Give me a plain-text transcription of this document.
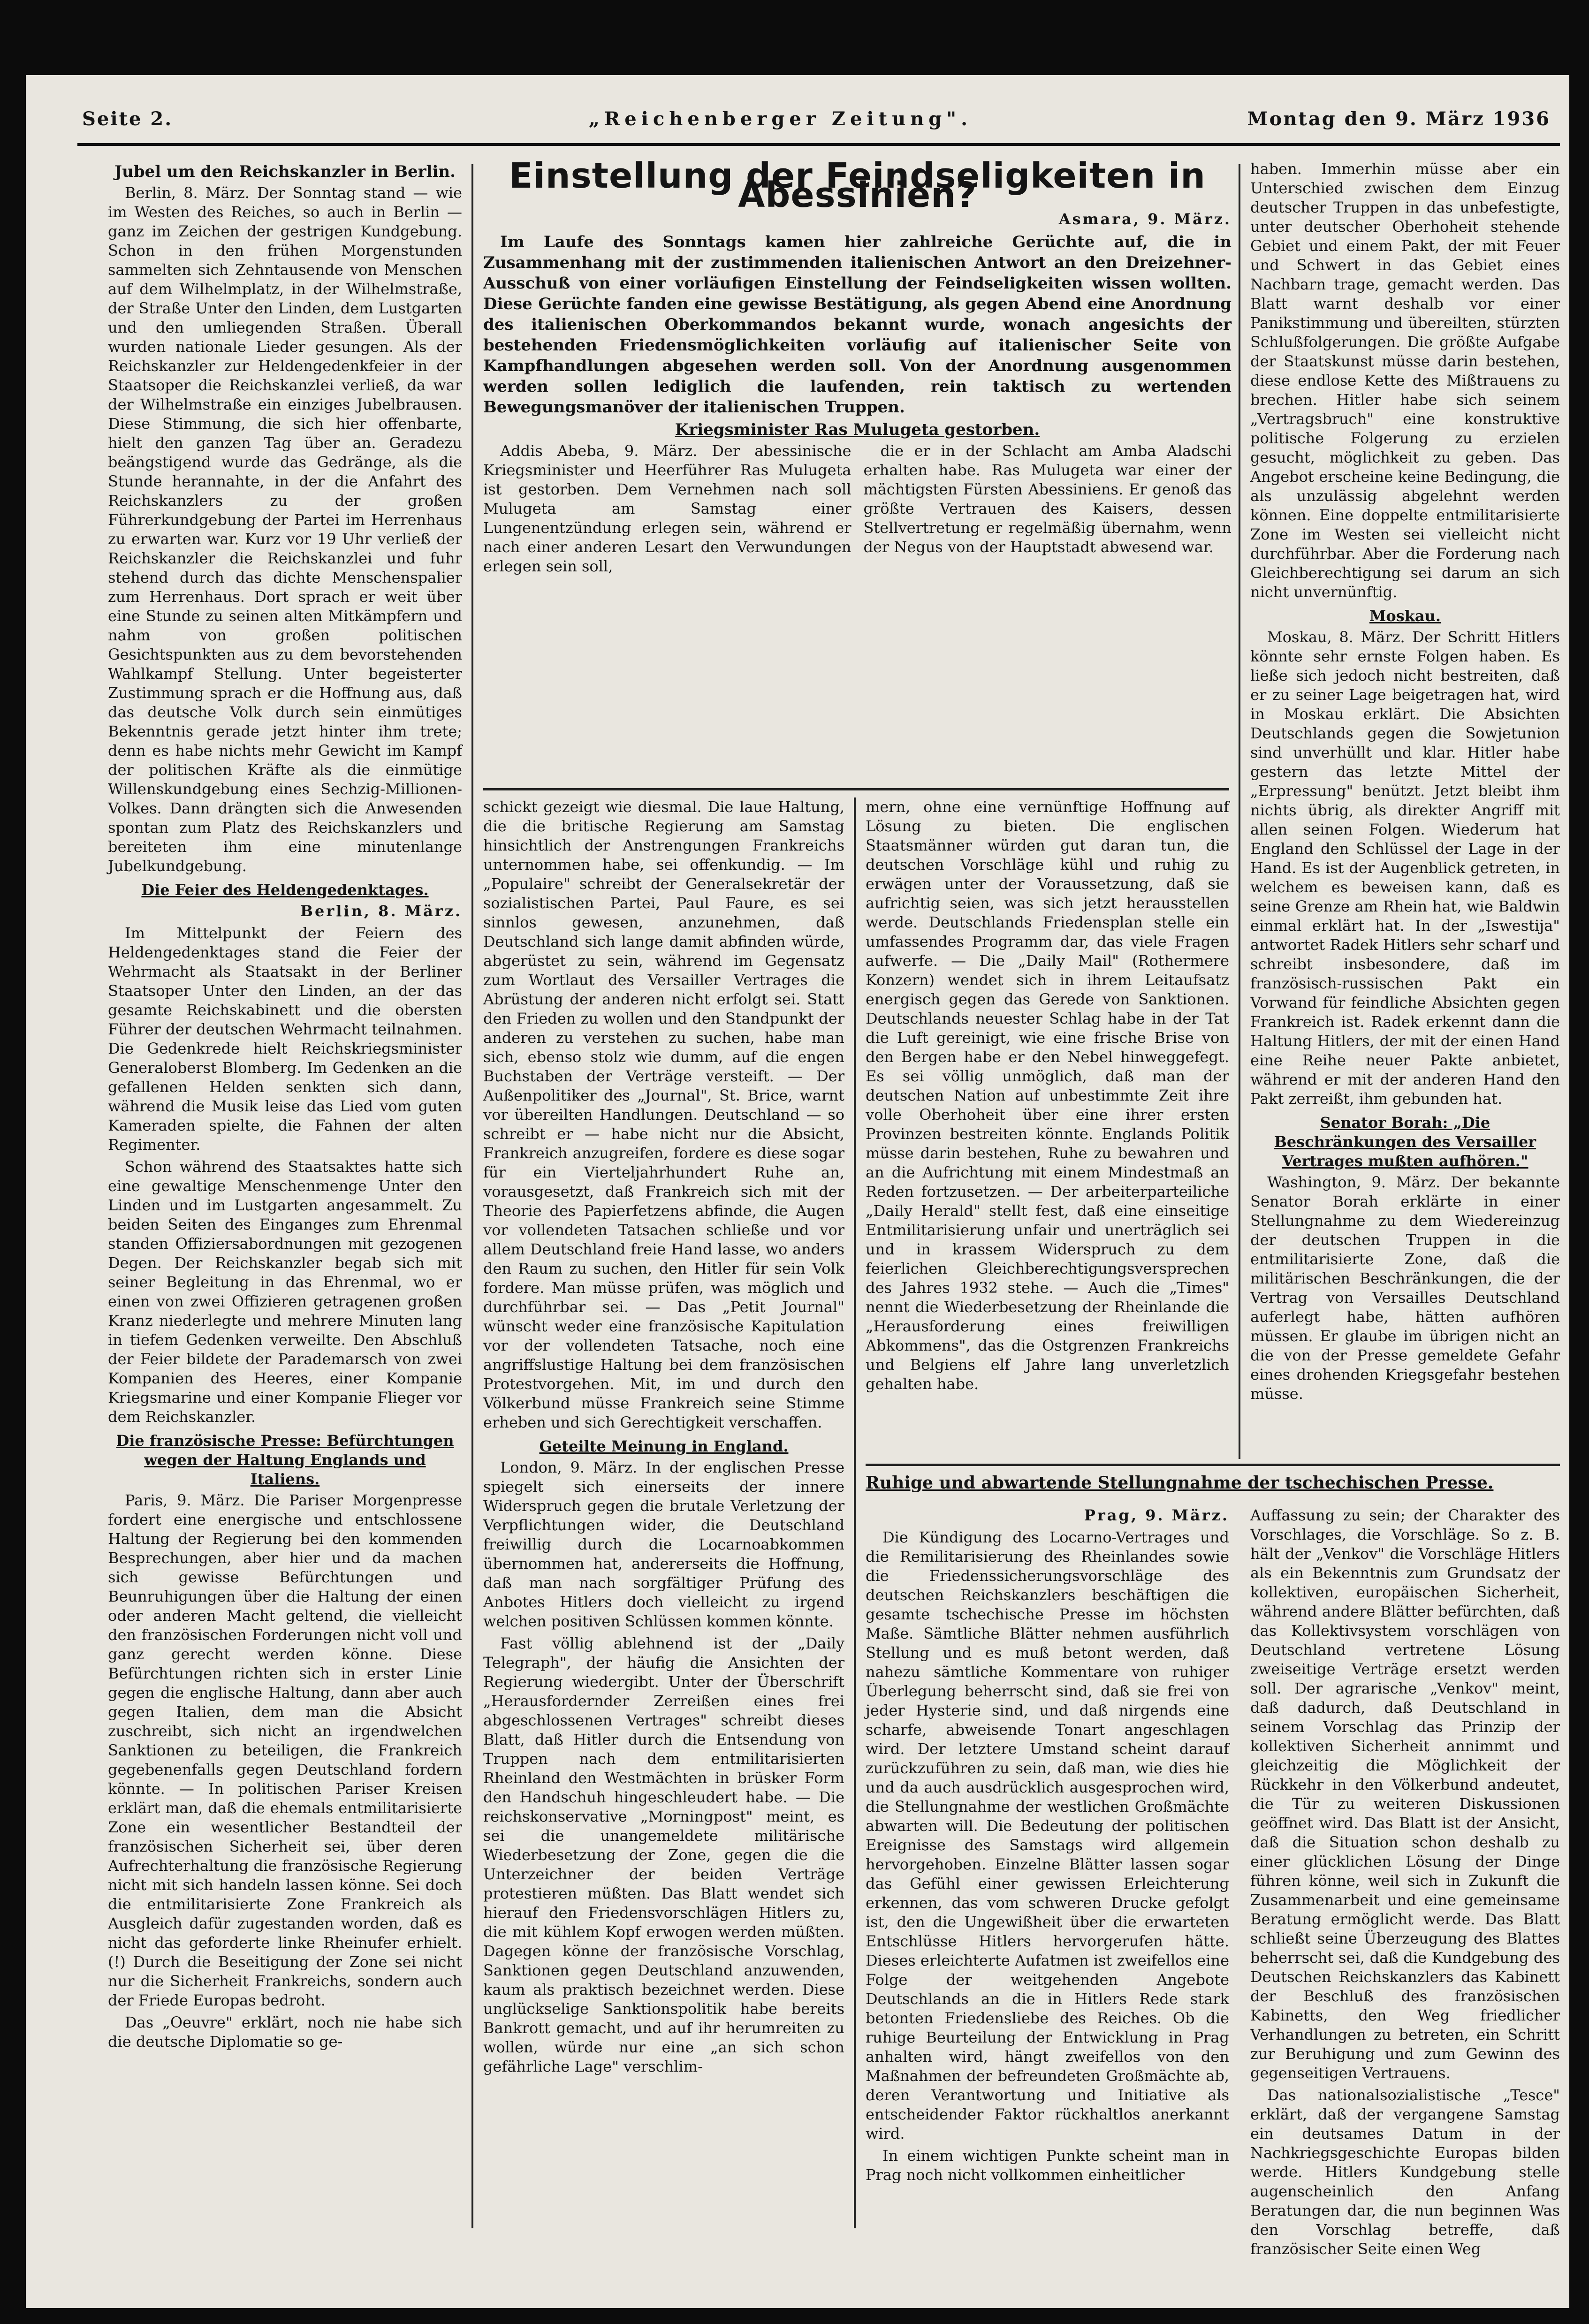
Seite 2.	„Reichenberger Zeitung".	Montag den 9. März 1936
Jubel um den Reichskanzler in Berlin.

Berlin, 8. März. Der Sonntag stand — wie im Westen des Reiches, so auch in Berlin — ganz im Zeichen der gestrigen Kundgebung. Schon in den frühen Morgenstunden sammelten sich Zehntausende von Menschen auf dem Wilhelmplatz, in der Wilhelmstraße, der Straße Unter den Linden, dem Lustgarten und den umliegenden Straßen. Überall wurden nationale Lieder gesungen. Als der Reichskanzler zur Heldengedenkfeier in der Staatsoper die Reichskanzlei verließ, da war der Wilhelmstraße ein einziges Jubelbrausen. Diese Stimmung, die sich hier offenbarte, hielt den ganzen Tag über an. Geradezu beängstigend wurde das Gedränge, als die Stunde herannahte, in der die Anfahrt des Reichskanzlers zu der großen Führerkundgebung der Partei im Herrenhaus zu erwarten war. Kurz vor 19 Uhr verließ der Reichskanzler die Reichskanzlei und fuhr stehend durch das dichte Menschenspalier zum Herrenhaus. Dort sprach er weit über eine Stunde zu seinen alten Mitkämpfern und nahm von großen politischen Gesichtspunkten aus zu dem bevorstehenden Wahlkampf Stellung. Unter begeisterter Zustimmung sprach er die Hoffnung aus, daß das deutsche Volk durch sein einmütiges Bekenntnis gerade jetzt hinter ihm trete; denn es habe nichts mehr Gewicht im Kampf der politischen Kräfte als die einmütige Willenskundgebung eines Sechzig-Millionen-Volkes. Dann drängten sich die Anwesenden spontan zum Platz des Reichskanzlers und bereiteten ihm eine minutenlange Jubelkundgebung.

Die Feier des Heldengedenktages.
Berlin, 8. März.

Im Mittelpunkt der Feiern des Heldengedenktages stand die Feier der Wehrmacht als Staatsakt in der Berliner Staatsoper Unter den Linden, an der das gesamte Reichskabinett und die obersten Führer der deutschen Wehrmacht teilnahmen. Die Gedenkrede hielt Reichskriegsminister Generaloberst Blomberg. Im Gedenken an die gefallenen Helden senkten sich dann, während die Musik leise das Lied vom guten Kameraden spielte, die Fahnen der alten Regimenter.

Schon während des Staatsaktes hatte sich eine gewaltige Menschenmenge Unter den Linden und im Lustgarten angesammelt. Zu beiden Seiten des Einganges zum Ehrenmal standen Offiziersabordnungen mit gezogenen Degen. Der Reichskanzler begab sich mit seiner Begleitung in das Ehrenmal, wo er einen von zwei Offizieren getragenen großen Kranz niederlegte und mehrere Minuten lang in tiefem Gedenken verweilte. Den Abschluß der Feier bildete der Parademarsch von zwei Kompanien des Heeres, einer Kompanie Kriegsmarine und einer Kompanie Flieger vor dem Reichskanzler.

Die französische Presse: Befürchtungen wegen der Haltung Englands und Italiens.

Paris, 9. März. Die Pariser Morgenpresse fordert eine energische und entschlossene Haltung der Regierung bei den kommenden Besprechungen, aber hier und da machen sich gewisse Befürchtungen und Beunruhigungen über die Haltung der einen oder anderen Macht geltend, die vielleicht den französischen Forderungen nicht voll und ganz gerecht werden könne. Diese Befürchtungen richten sich in erster Linie gegen die englische Haltung, dann aber auch gegen Italien, dem man die Absicht zuschreibt, sich nicht an irgendwelchen Sanktionen zu beteiligen, die Frankreich gegebenenfalls gegen Deutschland fordern könnte. — In politischen Pariser Kreisen erklärt man, daß die ehemals entmilitarisierte Zone ein wesentlicher Bestandteil der französischen Sicherheit sei, über deren Aufrechterhaltung die französische Regierung nicht mit sich handeln lassen könne. Sei doch die entmilitarisierte Zone Frankreich als Ausgleich dafür zugestanden worden, daß es nicht das geforderte linke Rheinufer erhielt. (!) Durch die Beseitigung der Zone sei nicht nur die Sicherheit Frankreichs, sondern auch der Friede Europas bedroht.

Das „Oeuvre" erklärt, noch nie habe sich die deutsche Diplomatie so ge-

Einstellung der Feindseligkeiten in Abessinien?
Asmara, 9. März.

Im Laufe des Sonntags kamen hier zahlreiche Gerüchte auf, die in Zusammenhang mit der zustimmenden italienischen Antwort an den Dreizehner-Ausschuß von einer vorläufigen Einstellung der Feindseligkeiten wissen wollten. Diese Gerüchte fanden eine gewisse Bestätigung, als gegen Abend eine Anordnung des italienischen Oberkommandos bekannt wurde, wonach angesichts der bestehenden Friedensmöglichkeiten vorläufig auf italienischer Seite von Kampfhandlungen abgesehen werden soll. Von der Anordnung ausgenommen werden sollen lediglich die laufenden, rein taktisch zu wertenden Bewegungsmanöver der italienischen Truppen.

Kriegsminister Ras Mulugeta gestorben.

Addis Abeba, 9. März. Der abessinische Kriegsminister und Heerführer Ras Mulugeta ist gestorben. Dem Vernehmen nach soll Mulugeta am Samstag einer Lungenentzündung erlegen sein, während er nach einer anderen Lesart den Verwundungen erlegen sein soll,

die er in der Schlacht am Amba Aladschi erhalten habe. Ras Mulugeta war einer der mächtigsten Fürsten Abessiniens. Er genoß das größte Vertrauen des Kaisers, dessen Stellvertretung er regelmäßig übernahm, wenn der Negus von der Hauptstadt abwesend war.

schickt gezeigt wie diesmal. Die laue Haltung, die die britische Regierung am Samstag hinsichtlich der Anstrengungen Frankreichs unternommen habe, sei offenkundig. — Im „Populaire" schreibt der Generalsekretär der sozialistischen Partei, Paul Faure, es sei sinnlos gewesen, anzunehmen, daß Deutschland sich lange damit abfinden würde, abgerüstet zu sein, während im Gegensatz zum Wortlaut des Versailler Vertrages die Abrüstung der anderen nicht erfolgt sei. Statt den Frieden zu wollen und den Standpunkt der anderen zu verstehen zu suchen, habe man sich, ebenso stolz wie dumm, auf die engen Buchstaben der Verträge versteift. — Der Außenpolitiker des „Journal", St. Brice, warnt vor übereilten Handlungen. Deutschland — so schreibt er — habe nicht nur die Absicht, Frankreich anzugreifen, fordere es diese sogar für ein Vierteljahrhundert Ruhe an, vorausgesetzt, daß Frankreich sich mit der Theorie des Papierfetzens abfinde, die Augen vor vollendeten Tatsachen schließe und vor allem Deutschland freie Hand lasse, wo anders den Raum zu suchen, den Hitler für sein Volk fordere. Man müsse prüfen, was möglich und durchführbar sei. — Das „Petit Journal" wünscht weder eine französische Kapitulation vor der vollendeten Tatsache, noch eine angriffslustige Haltung bei dem französischen Protestvorgehen. Mit, im und durch den Völkerbund müsse Frankreich seine Stimme erheben und sich Gerechtigkeit verschaffen.

Geteilte Meinung in England.

London, 9. März. In der englischen Presse spiegelt sich einerseits der innere Widerspruch gegen die brutale Verletzung der Verpflichtungen wider, die Deutschland freiwillig durch die Locarnoabkommen übernommen hat, andererseits die Hoffnung, daß man nach sorgfältiger Prüfung des Anbotes Hitlers doch vielleicht zu irgend welchen positiven Schlüssen kommen könnte.

Fast völlig ablehnend ist der „Daily Telegraph", der häufig die Ansichten der Regierung wiedergibt. Unter der Überschrift „Herausfordernder Zerreißen eines frei abgeschlossenen Vertrages" schreibt dieses Blatt, daß Hitler durch die Entsendung von Truppen nach dem entmilitarisierten Rheinland den Westmächten in brüsker Form den Handschuh hingeschleudert habe. — Die reichskonservative „Morningpost" meint, es sei die unangemeldete militärische Wiederbesetzung der Zone, gegen die die Unterzeichner der beiden Verträge protestieren müßten. Das Blatt wendet sich hierauf den Friedensvorschlägen Hitlers zu, die mit kühlem Kopf erwogen werden müßten. Dagegen könne der französische Vorschlag, Sanktionen gegen Deutschland anzuwenden, kaum als praktisch bezeichnet werden. Diese unglückselige Sanktionspolitik habe bereits Bankrott gemacht, und auf ihr herumreiten zu wollen, würde nur eine „an sich schon gefährliche Lage" verschlim-

mern, ohne eine vernünftige Hoffnung auf Lösung zu bieten. Die englischen Staatsmänner würden gut daran tun, die deutschen Vorschläge kühl und ruhig zu erwägen unter der Voraussetzung, daß sie aufrichtig seien, was sich jetzt herausstellen werde. Deutschlands Friedensplan stelle ein umfassendes Programm dar, das viele Fragen aufwerfe. — Die „Daily Mail" (Rothermere Konzern) wendet sich in ihrem Leitaufsatz energisch gegen das Gerede von Sanktionen. Deutschlands neuester Schlag habe in der Tat die Luft gereinigt, wie eine frische Brise von den Bergen habe er den Nebel hinweggefegt. Es sei völlig unmöglich, daß man der deutschen Nation auf unbestimmte Zeit ihre volle Oberhoheit über eine ihrer ersten Provinzen bestreiten könnte. Englands Politik müsse darin bestehen, Ruhe zu bewahren und an die Aufrichtung mit einem Mindestmaß an Reden fortzusetzen. — Der arbeiterparteiliche „Daily Herald" stellt fest, daß eine einseitige Entmilitarisierung unfair und unerträglich sei und in krassem Widerspruch zu dem feierlichen Gleichberechtigungsversprechen des Jahres 1932 stehe. — Auch die „Times" nennt die Wiederbesetzung der Rheinlande die „Herausforderung eines freiwilligen Abkommens", das die Ostgrenzen Frankreichs und Belgiens elf Jahre lang unverletzlich gehalten habe.

haben. Immerhin müsse aber ein Unterschied zwischen dem Einzug deutscher Truppen in das unbefestigte, unter deutscher Oberhoheit stehende Gebiet und einem Pakt, der mit Feuer und Schwert in das Gebiet eines Nachbarn trage, gemacht werden. Das Blatt warnt deshalb vor einer Panikstimmung und übereilten, stürzten Schlußfolgerungen. Die größte Aufgabe der Staatskunst müsse darin bestehen, diese endlose Kette des Mißtrauens zu brechen. Hitler habe sich seinem „Vertragsbruch" eine konstruktive politische Folgerung zu erzielen gesucht, möglichkeit zu geben. Das Angebot erscheine keine Bedingung, die als unzulässig abgelehnt werden können. Eine doppelte entmilitarisierte Zone im Westen sei vielleicht nicht durchführbar. Aber die Forderung nach Gleichberechtigung sei darum an sich nicht unvernünftig.

Moskau.

Moskau, 8. März. Der Schritt Hitlers könnte sehr ernste Folgen haben. Es ließe sich jedoch nicht bestreiten, daß er zu seiner Lage beigetragen hat, wird in Moskau erklärt. Die Absichten Deutschlands gegen die Sowjetunion sind unverhüllt und klar. Hitler habe gestern das letzte Mittel der „Erpressung" benützt. Jetzt bleibt ihm nichts übrig, als direkter Angriff mit allen seinen Folgen. Wiederum hat England den Schlüssel der Lage in der Hand. Es ist der Augenblick getreten, in welchem es beweisen kann, daß es seine Grenze am Rhein hat, wie Baldwin einmal erklärt hat. In der „Iswestija" antwortet Radek Hitlers sehr scharf und schreibt insbesondere, daß im französisch-russischen Pakt ein Vorwand für feindliche Absichten gegen Frankreich ist. Radek erkennt dann die Haltung Hitlers, der mit der einen Hand eine Reihe neuer Pakte anbietet, während er mit der anderen Hand den Pakt zerreißt, ihm gebunden hat.

Senator Borah: „Die Beschränkungen des Versailler Vertrages mußten aufhören."

Washington, 9. März. Der bekannte Senator Borah erklärte in einer Stellungnahme zu dem Wiedereinzug der deutschen Truppen in die entmilitarisierte Zone, daß die militärischen Beschränkungen, die der Vertrag von Versailles Deutschland auferlegt habe, hätten aufhören müssen. Er glaube im übrigen nicht an die von der Presse gemeldete Gefahr eines drohenden Kriegsgefahr bestehen müsse.

Ruhige und abwartende Stellungnahme der tschechischen Presse.
Prag, 9. März.

Die Kündigung des Locarno-Vertrages und die Remilitarisierung des Rheinlandes sowie die Friedenssicherungsvorschläge des deutschen Reichskanzlers beschäftigen die gesamte tschechische Presse im höchsten Maße. Sämtliche Blätter nehmen ausführlich Stellung und es muß betont werden, daß nahezu sämtliche Kommentare von ruhiger Überlegung beherrscht sind, daß sie frei von jeder Hysterie sind, und daß nirgends eine scharfe, abweisende Tonart angeschlagen wird. Der letztere Umstand scheint darauf zurückzuführen zu sein, daß man, wie dies hie und da auch ausdrücklich ausgesprochen wird, die Stellungnahme der westlichen Großmächte abwarten will. Die Bedeutung der politischen Ereignisse des Samstags wird allgemein hervorgehoben. Einzelne Blätter lassen sogar das Gefühl einer gewissen Erleichterung erkennen, das vom schweren Drucke gefolgt ist, den die Ungewißheit über die erwarteten Entschlüsse Hitlers hervorgerufen hätte. Dieses erleichterte Aufatmen ist zweifellos eine Folge der weitgehenden Angebote Deutschlands an die in Hitlers Rede stark betonten Friedensliebe des Reiches. Ob die ruhige Beurteilung der Entwicklung in Prag anhalten wird, hängt zweifellos von den Maßnahmen der befreundeten Großmächte ab, deren Verantwortung und Initiative als entscheidender Faktor rückhaltlos anerkannt wird.

In einem wichtigen Punkte scheint man in Prag noch nicht vollkommen einheitlicher

Auffassung zu sein; der Charakter des Vorschlages, die Vorschläge. So z. B. hält der „Venkov" die Vorschläge Hitlers als ein Bekenntnis zum Grundsatz der kollektiven, europäischen Sicherheit, während andere Blätter befürchten, daß das Kollektivsystem vorschlägen von Deutschland vertretene Lösung zweiseitige Verträge ersetzt werden soll. Der agrarische „Venkov" meint, daß dadurch, daß Deutschland in seinem Vorschlag das Prinzip der kollektiven Sicherheit annimmt und gleichzeitig die Möglichkeit der Rückkehr in den Völkerbund andeutet, die Tür zu weiteren Diskussionen geöffnet wird. Das Blatt ist der Ansicht, daß die Situation schon deshalb zu einer glücklichen Lösung der Dinge führen könne, weil sich in Zukunft die Zusammenarbeit und eine gemeinsame Beratung ermöglicht werde. Das Blatt schließt seine Überzeugung des Blattes beherrscht sei, daß die Kundgebung des Deutschen Reichskanzlers das Kabinett der Beschluß des französischen Kabinetts, den Weg friedlicher Verhandlungen zu betreten, ein Schritt zur Beruhigung und zum Gewinn des gegenseitigen Vertrauens.

Das nationalsozialistische „Tesce" erklärt, daß der vergangene Samstag ein deutsames Datum in der Nachkriegsgeschichte Europas bilden werde. Hitlers Kundgebung stelle augenscheinlich den Anfang Beratungen dar, die nun beginnen Was den Vorschlag betreffe, daß französischer Seite einen Weg
